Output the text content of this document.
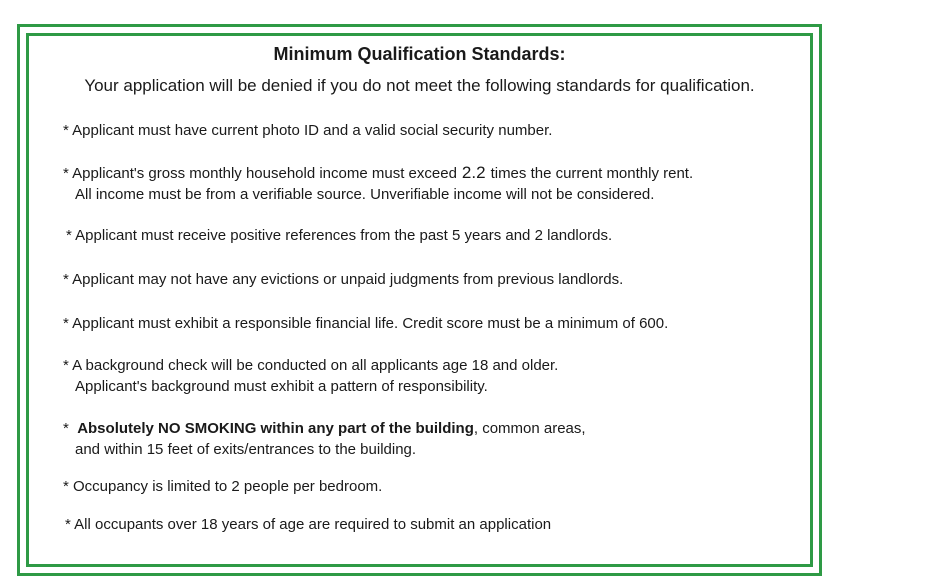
Minimum Qualification Standards:
Your application will be denied if you do not meet the following standards for qualification.
* Applicant must have current photo ID and a valid social security number.
* Applicant's gross monthly household income must exceed 2.2 times the current monthly rent.
All income must be from a verifiable source. Unverifiable income will not be considered.
* Applicant must receive positive references from the past 5 years and 2 landlords.
* Applicant may not have any evictions or unpaid judgments from previous landlords.
* Applicant must exhibit a responsible financial life. Credit score must be a minimum of 600.
* A background check will be conducted on all applicants age 18 and older.
Applicant's background must exhibit a pattern of responsibility.
* Absolutely NO SMOKING within any part of the building, common areas,
and within 15 feet of exits/entrances to the building.
* Occupancy is limited to 2 people per bedroom.
* All occupants over 18 years of age are required to submit an application
